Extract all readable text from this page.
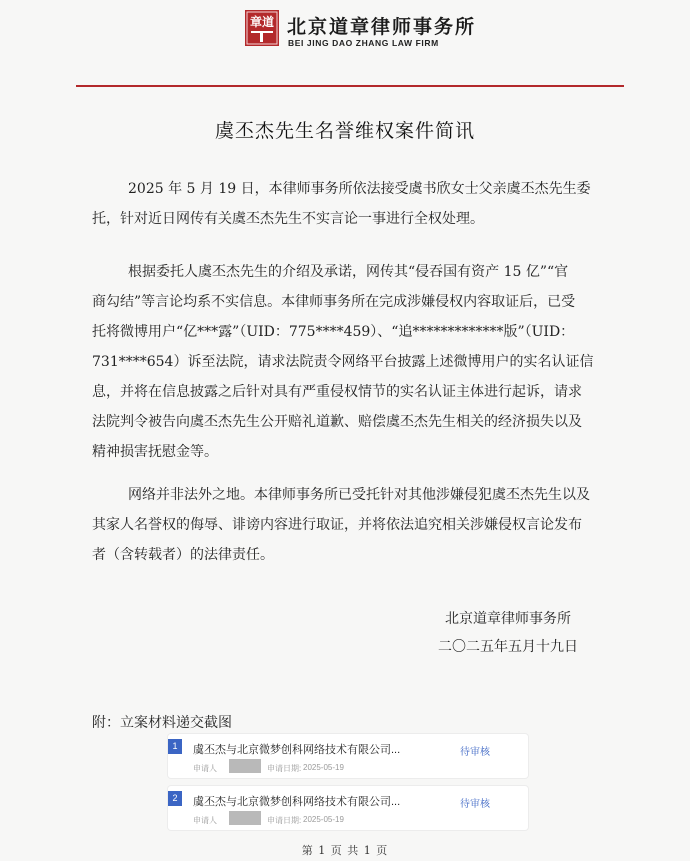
章道 北京道章律师事务所
BEI JING DAO ZHANG LAW FIRM
虞丕杰先生名誉维权案件简讯
2025 年 5 月 19 日，本律师事务所依法接受虞书欣女士父亲虞丕杰先生委
托，针对近日网传有关虞丕杰先生不实言论一事进行全权处理。
根据委托人虞丕杰先生的介绍及承诺，网传其“侵吞国有资产 15 亿”“官
商勾结”等言论均系不实信息。本律师事务所在完成涉嫌侵权内容取证后，已受
托将微博用户“亿***露”（UID：775****459）、“追*************版”（UID：
731****654）诉至法院，请求法院责令网络平台披露上述微博用户的实名认证信
息，并将在信息披露之后针对具有严重侵权情节的实名认证主体进行起诉，请求
法院判令被告向虞丕杰先生公开赔礼道歉、赔偿虞丕杰先生相关的经济损失以及
精神损害抚慰金等。
网络并非法外之地。本律师事务所已受托针对其他涉嫌侵犯虞丕杰先生以及
其家人名誉权的侮辱、诽谤内容进行取证，并将依法追究相关涉嫌侵权言论发布
者（含转载者）的法律责任。
北京道章律师事务所
二〇二五年五月十九日
附：立案材料递交截图
1	虞丕杰与北京微梦创科网络技术有限公司...	待审核
申请人	申请日期: 2025-05-19
2	虞丕杰与北京微梦创科网络技术有限公司...	待审核
申请人	申请日期: 2025-05-19
第 1 页 共 1 页
